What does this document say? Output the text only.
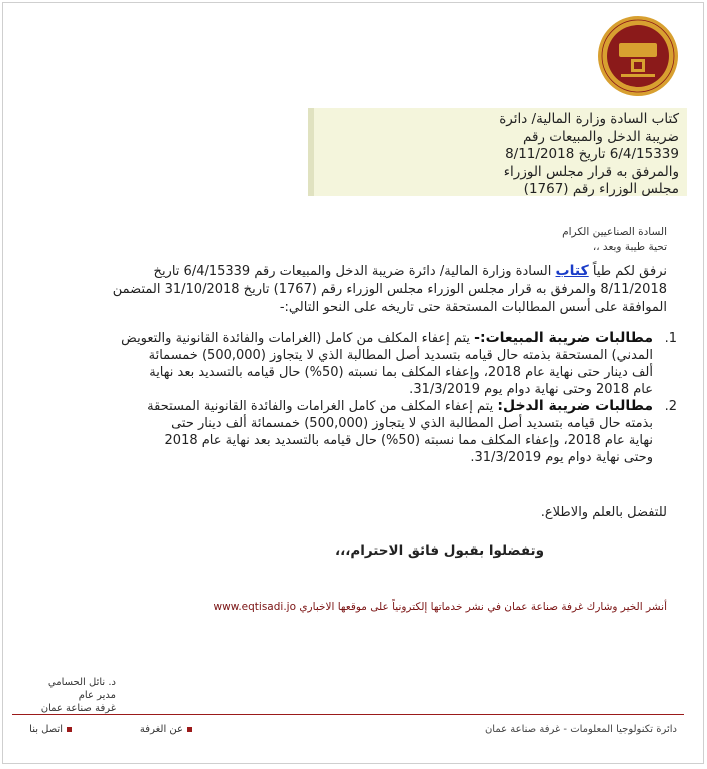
كتاب السادة وزارة المالية/ دائرة
ضريبة الدخل والمبيعات رقم
6/4/15339 تاريخ 8/11/2018
والمرفق به قرار مجلس الوزراء
مجلس الوزراء رقم (1767)
السادة الصناعيين الكرام
تحية طيبة وبعد ،،
نرفق لكم طياً كتاب السادة وزارة المالية/ دائرة ضريبة الدخل والمبيعات رقم 6/4/15339 تاريخ
8/11/2018 والمرفق به قرار مجلس الوزراء مجلس الوزراء رقم (1767) تاريخ 31/10/2018 المتضمن
الموافقة على أسس المطالبات المستحقة حتى تاريخه على النحو التالي:-
1.
مطالبات ضريبة المبيعات:- يتم إعفاء المكلف من كامل (الغرامات والفائدة القانونية والتعويض
المدني) المستحقة بذمته حال قيامه بتسديد أصل المطالبة الذي لا يتجاوز (500,000) خمسمائة
ألف دينار حتى نهاية عام 2018، وإعفاء المكلف بما نسبته (50%) حال قيامه بالتسديد بعد نهاية
عام 2018 وحتى نهاية دوام يوم 31/3/2019.
2.
مطالبات ضريبة الدخل: يتم إعفاء المكلف من كامل الغرامات والفائدة القانونية المستحقة
بذمته حال قيامه بتسديد أصل المطالبة الذي لا يتجاوز (500,000) خمسمائة ألف دينار حتى
نهاية عام 2018، وإعفاء المكلف مما نسبته (50%) حال قيامه بالتسديد بعد نهاية عام 2018
وحتى نهاية دوام يوم 31/3/2019.
للتفضل بالعلم والاطلاع.
وتفضلوا بقبول فائق الاحترام،،،
أنشر الخير وشارك غرفة صناعة عمان في نشر خدماتها إلكترونياً على موقعها الاخباري www.eqtisadi.jo
د. نائل الحسامي
مدير عام
غرفة صناعة عمان
دائرة تكنولوجيا المعلومات - غرفة صناعة عمان
عن الغرفة
اتصل بنا
